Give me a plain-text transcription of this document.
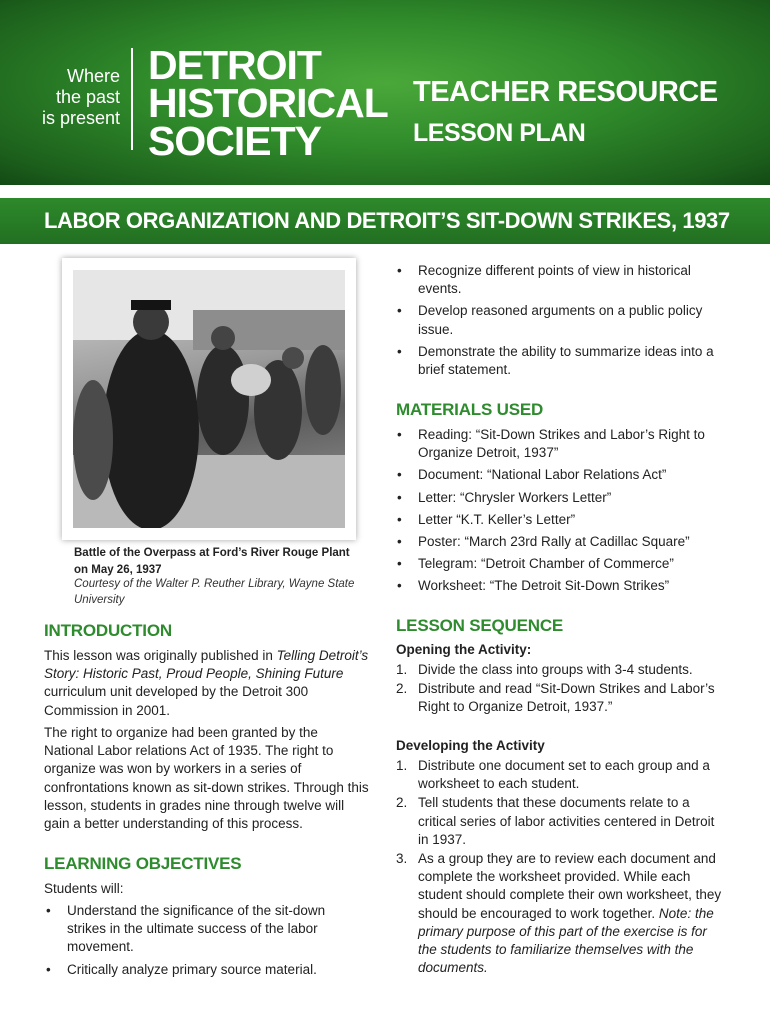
Where
the past
is present
DETROIT
HISTORICAL
SOCIETY
TEACHER RESOURCE
LESSON PLAN
LABOR ORGANIZATION AND DETROIT’S SIT-DOWN STRIKES, 1937
Battle of the Overpass at Ford’s River Rouge Plant on May 26, 1937
Courtesy of the Walter P. Reuther Library, Wayne State University
INTRODUCTION
This lesson was originally published in Telling Detroit’s Story: Historic Past, Proud People, Shining Future curriculum unit developed by the Detroit 300 Commission in 2001.
The right to organize had been granted by the National Labor relations Act of 1935. The right to organize was won by workers in a series of confrontations known as sit-down strikes. Through this lesson, students in grades nine through twelve will gain a better understanding of this process.
LEARNING OBJECTIVES
Students will:
• Understand the significance of the sit-down strikes in the ultimate success of the labor movement.
• Critically analyze primary source material.
• Recognize different points of view in historical events.
• Develop reasoned arguments on a public policy issue.
• Demonstrate the ability to summarize ideas into a brief statement.
MATERIALS USED
• Reading: “Sit-Down Strikes and Labor’s Right to Organize Detroit, 1937”
• Document: “National Labor Relations Act”
• Letter: “Chrysler Workers Letter”
• Letter “K.T. Keller’s Letter”
• Poster: “March 23rd Rally at Cadillac Square”
• Telegram: “Detroit Chamber of Commerce”
• Worksheet: “The Detroit Sit-Down Strikes”
LESSON SEQUENCE
Opening the Activity:
1. Divide the class into groups with 3-4 students.
2. Distribute and read “Sit-Down Strikes and Labor’s Right to Organize Detroit, 1937.”
Developing the Activity
1. Distribute one document set to each group and a worksheet to each student.
2. Tell students that these documents relate to a critical series of labor activities centered in Detroit in 1937.
3. As a group they are to review each document and complete the worksheet provided. While each student should complete their own worksheet, they should be encouraged to work together. Note: the primary purpose of this part of the exercise is for the students to familiarize themselves with the documents.
